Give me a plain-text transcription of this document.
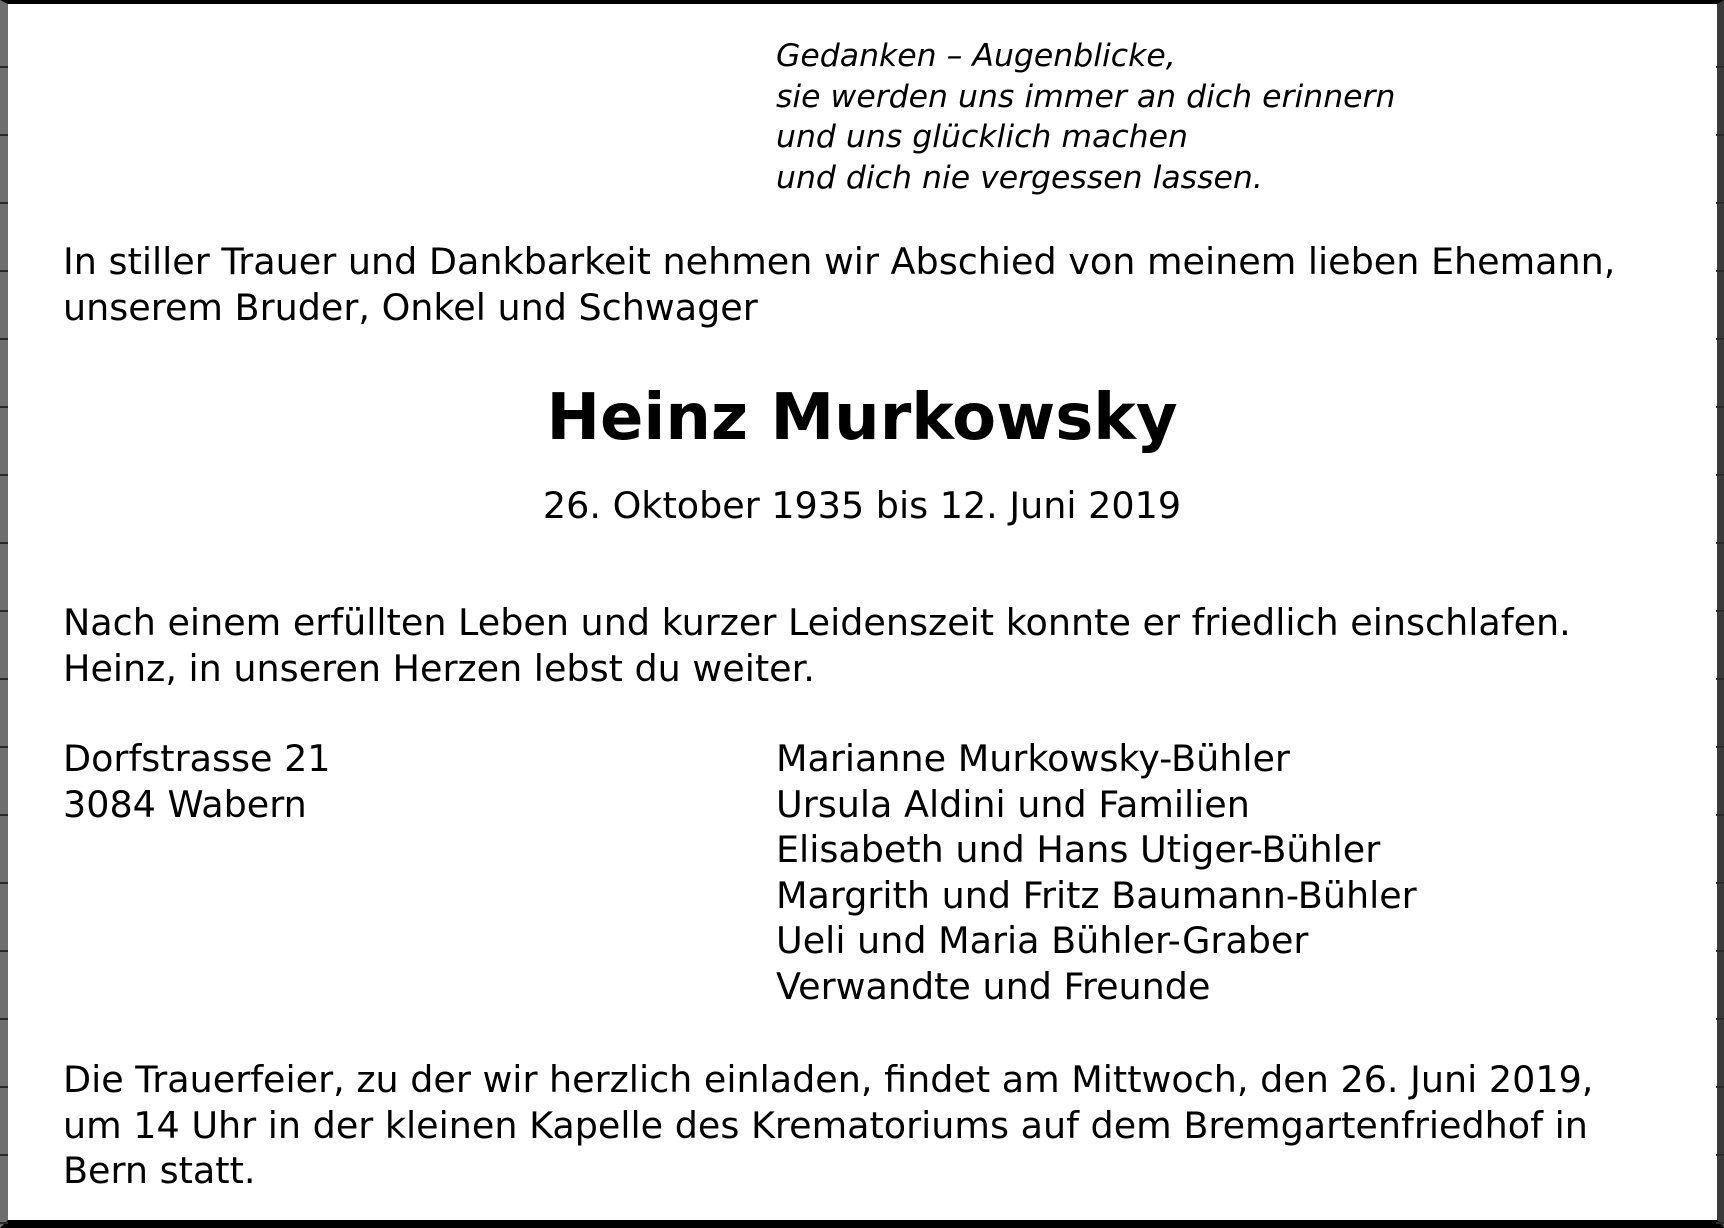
Gedanken – Augenblicke,
sie werden uns immer an dich erinnern
und uns glücklich machen
und dich nie vergessen lassen.
In stiller Trauer und Dankbarkeit nehmen wir Abschied von meinem lieben Ehemann,
unserem Bruder, Onkel und Schwager
Heinz Murkowsky
26. Oktober 1935 bis 12. Juni 2019
Nach einem erfüllten Leben und kurzer Leidenszeit konnte er friedlich einschlafen.
Heinz, in unseren Herzen lebst du weiter.
Dorfstrasse 21
3084 Wabern
Marianne Murkowsky-Bühler
Ursula Aldini und Familien
Elisabeth und Hans Utiger-Bühler
Margrith und Fritz Baumann-Bühler
Ueli und Maria Bühler-Graber
Verwandte und Freunde
Die Trauerfeier, zu der wir herzlich einladen, findet am Mittwoch, den 26. Juni 2019,
um 14 Uhr in der kleinen Kapelle des Krematoriums auf dem Bremgartenfriedhof in
Bern statt.
